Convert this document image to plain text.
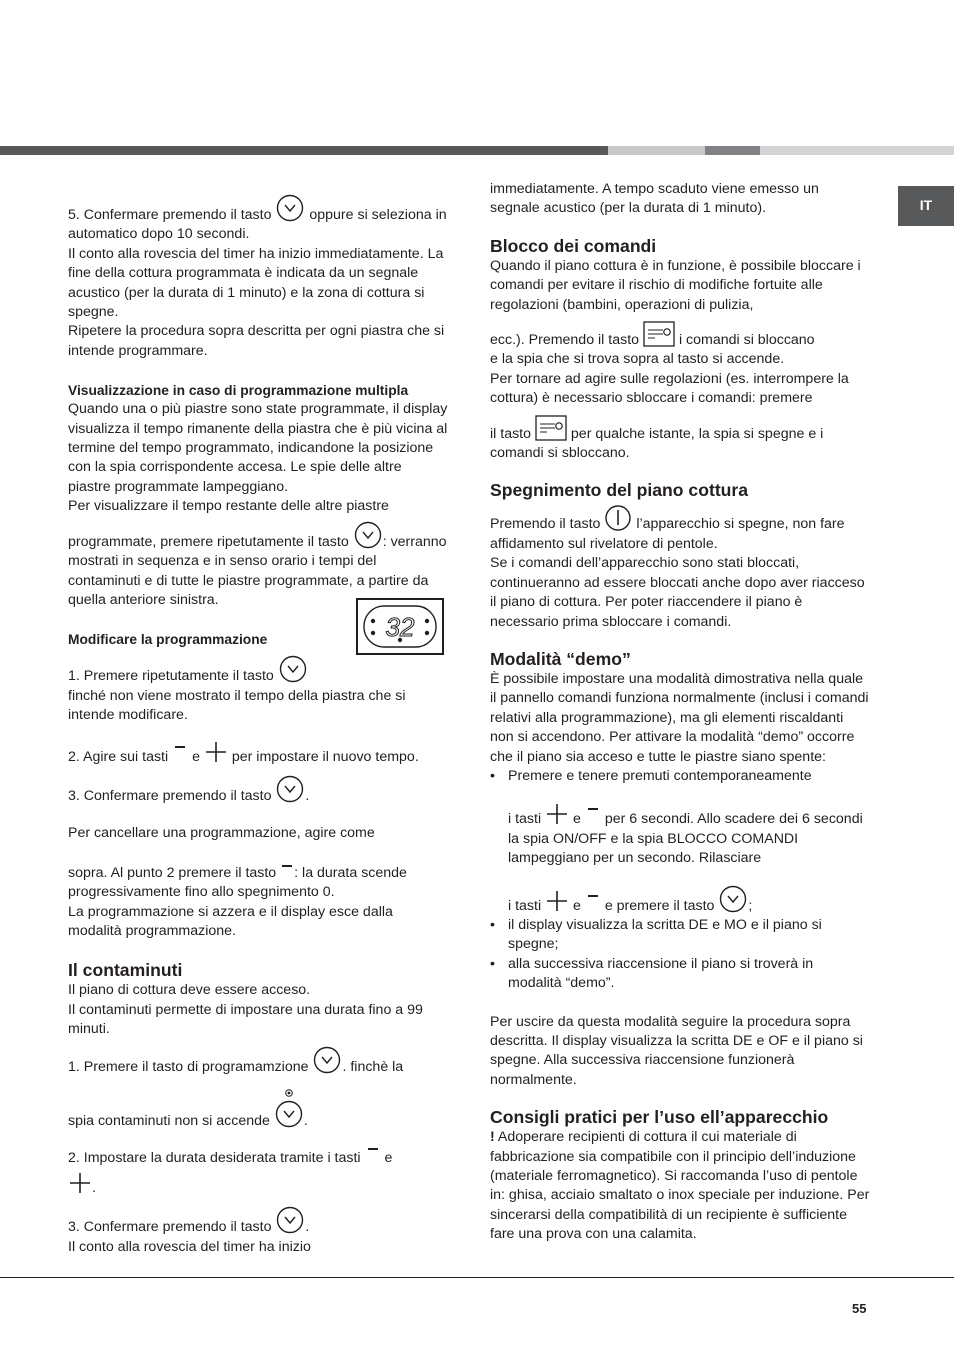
IT

5. Confermare premendo il tasto	oppure si seleziona in automatico dopo 10 secondi.

Il conto alla rovescia del timer ha inizio immediatamente. La fine della cottura programmata è indicata da un segnale acustico (per la durata di 1 minuto) e la zona di cottura si spegne.

Ripetere la procedura sopra descritta per ogni piastra che si intende programmare.

Visualizzazione in caso di programmazione multipla

Quando una o più piastre sono state programmate, il display visualizza il tempo rimanente della piastra che è più vicina al termine del tempo programmato, indicandone la posizione con la spia corrispondente accesa. Le spie delle altre piastre programmate lampeggiano.

Per visualizzare il tempo restante delle altre piastre

programmate, premere ripetutamente il tasto : verranno mostrati in sequenza e in senso orario i tempi del contaminuti e di tutte le piastre programmate, a partire da quella anteriore sinistra.

Modificare la programmazione

1. Premere ripetutamente il tasto

finché non viene mostrato il tempo della piastra che si intende modificare.

2. Agire sui tasti e per impostare il nuovo tempo.

3. Confermare premendo il tasto .

Per cancellare una programmazione, agire come

sopra. Al punto 2 premere il tasto : la durata scende progressivamente fino allo spegnimento 0.

La programmazione si azzera e il display esce dalla modalità programmazione.

Il contaminuti

Il piano di cottura deve essere acceso.

Il contaminuti permette di impostare una durata fino a 99 minuti.

1. Premere il tasto di programamzione . finchè la

spia contaminuti non si accende .

2. Impostare la durata desiderata tramite i tasti e

.

3. Confermare premendo il tasto .

Il conto alla rovescia del timer ha inizio

32

immediatamente. A tempo scaduto viene emesso un segnale acustico (per la durata di 1 minuto).

Blocco dei comandi

Quando il piano cottura è in funzione, è possibile bloccare i comandi per evitare il rischio di modifiche fortuite alle regolazioni (bambini, operazioni di pulizia,

ecc.). Premendo il tasto	i comandi si bloccano

e la spia che si trova sopra al tasto si accende.

Per tornare ad agire sulle regolazioni (es. interrompere la cottura) è necessario sbloccare i comandi: premere

il tasto	per qualche istante, la spia si spegne e i comandi si sbloccano.

Spegnimento del piano cottura

Premendo il tasto	l’apparecchio si spegne, non fare affidamento sul rivelatore di pentole.

Se i comandi dell’apparecchio sono stati bloccati, continueranno ad essere bloccati anche dopo aver riacceso il piano di cottura. Per poter riaccendere il piano è necessario prima sbloccare i comandi.

Modalità “demo”

È possibile impostare una modalità dimostrativa nella quale il pannello comandi funziona normalmente (inclusi i comandi relativi alla programmazione), ma gli elementi riscaldanti non si accendono. Per attivare la modalità “demo” occorre che il piano sia acceso e tutte le piastre siano spente:

• Premere e tenere premuti contemporaneamente

i tasti e per 6 secondi. Allo scadere dei 6 secondi la spia ON/OFF e la spia BLOCCO COMANDI lampeggiano per un secondo. Rilasciare

i tasti e e premere il tasto ;

• il display visualizza la scritta DE e MO e il piano si spegne;

• alla successiva riaccensione il piano si troverà in modalità “demo”.

Per uscire da questa modalità seguire la procedura sopra descritta. Il display visualizza la scritta DE e OF e il piano si spegne. Alla successiva riaccensione funzionerà normalmente.

Consigli pratici per l’uso ell’apparecchio

! Adoperare recipienti di cottura il cui materiale di fabbricazione sia compatibile con il principio dell’induzione (materiale ferromagnetico). Si raccomanda l’uso di pentole in: ghisa, acciaio smaltato o inox speciale per induzione. Per sincerarsi della compatibilità di un recipiente è sufficiente fare una prova con una calamita.

55
